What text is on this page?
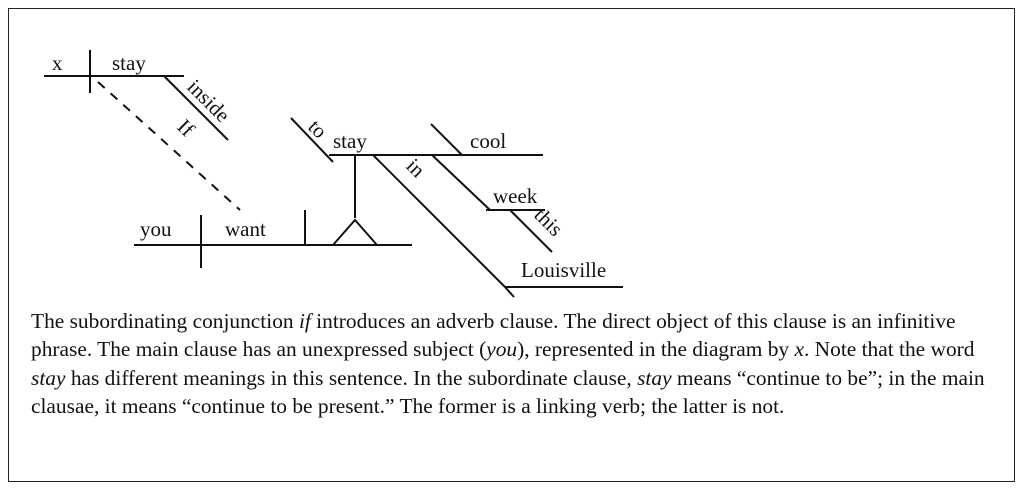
x stay
inside
If
you	want
to stay	cool
in
Louisville
week
this

The subordinating conjunction if introduces an adverb clause. The direct object of this clause is an infinitive phrase. The main clause has an unexpressed subject (you), represented in the diagram by x. Note that the word stay has different meanings in this sentence. In the subordinate clause, stay means “continue to be”; in the main clausae, it means “continue to be present.” The former is a linking verb; the latter is not.
